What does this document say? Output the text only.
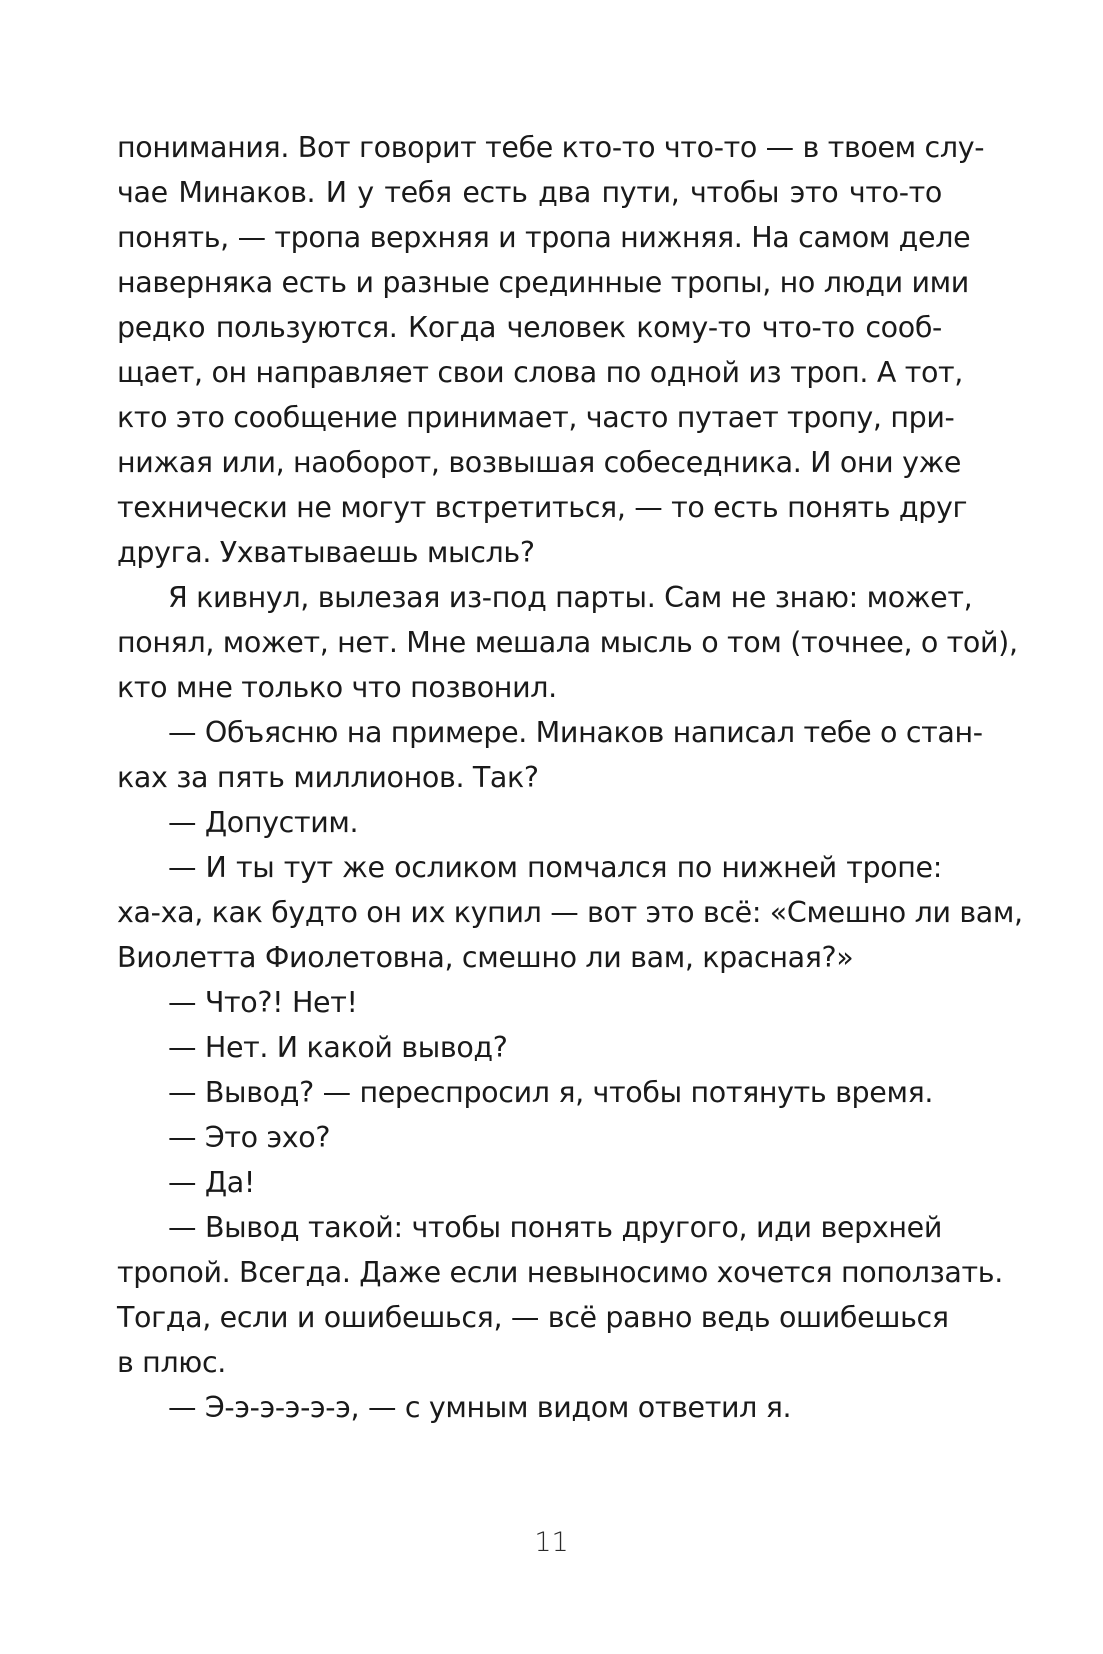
понимания. Вот говорит тебе кто-то что-то — в твоем слу-
чае Минаков. И у тебя есть два пути, чтобы это что-то
понять, — тропа верхняя и тропа нижняя. На самом деле
наверняка есть и разные срединные тропы, но люди ими
редко пользуются. Когда человек кому-то что-то сооб-
щает, он направляет свои слова по одной из троп. А тот,
кто это сообщение принимает, часто путает тропу, при-
нижая или, наоборот, возвышая собеседника. И они уже
технически не могут встретиться, — то есть понять друг
друга. Ухватываешь мысль?
Я кивнул, вылезая из-под парты. Сам не знаю: может,
понял, может, нет. Мне мешала мысль о том (точнее, о той),
кто мне только что позвонил.
— Объясню на примере. Минаков написал тебе о стан-
ках за пять миллионов. Так?
— Допустим.
— И ты тут же осликом помчался по нижней тропе:
ха-ха, как будто он их купил — вот это всё: «Смешно ли вам,
Виолетта Фиолетовна, смешно ли вам, красная?»
— Что?! Нет!
— Нет. И какой вывод?
— Вывод? — переспросил я, чтобы потянуть время.
— Это эхо?
— Да!
— Вывод такой: чтобы понять другого, иди верхней
тропой. Всегда. Даже если невыносимо хочется поползать.
Тогда, если и ошибешься, — всё равно ведь ошибешься
в плюс.
— Э-э-э-э-э-э, — с умным видом ответил я.
11
